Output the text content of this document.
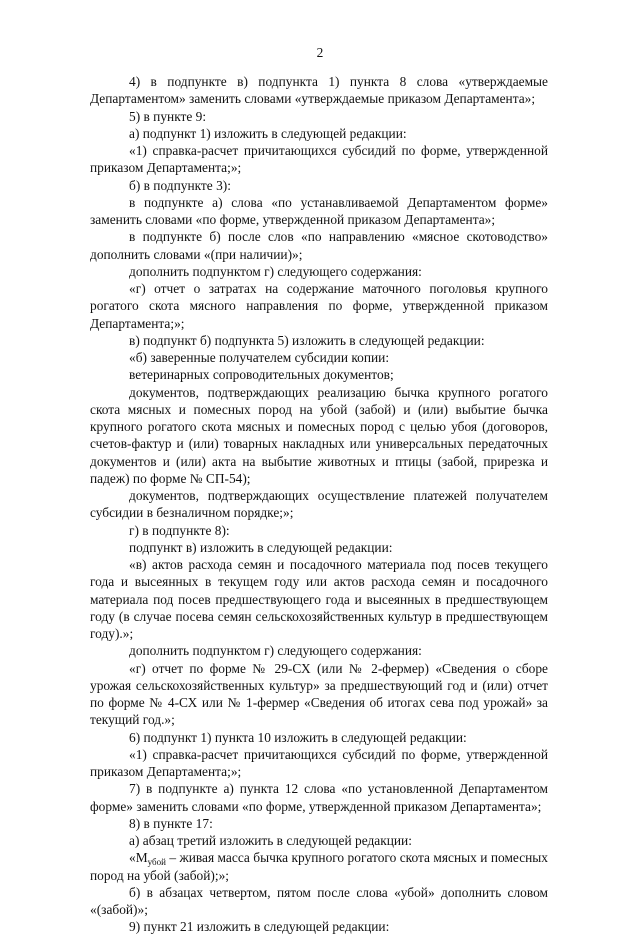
2

4) в подпункте в) подпункта 1) пункта 8 слова «утверждаемые Департаментом» заменить словами «утверждаемые приказом Департамента»;

5) в пункте 9:

а) подпункт 1) изложить в следующей редакции:

«1) справка-расчет причитающихся субсидий по форме, утвержденной приказом Департамента;»;

б) в подпункте 3):

в подпункте а) слова «по устанавливаемой Департаментом форме» заменить словами «по форме, утвержденной приказом Департамента»;

в подпункте б) после слов «по направлению «мясное скотоводство» дополнить словами «(при наличии)»;

дополнить подпунктом г) следующего содержания:

«г) отчет о затратах на содержание маточного поголовья крупного рогатого скота мясного направления по форме, утвержденной приказом Департамента;»;

в) подпункт б) подпункта 5) изложить в следующей редакции:

«б) заверенные получателем субсидии копии:

ветеринарных сопроводительных документов;

документов, подтверждающих реализацию бычка крупного рогатого скота мясных и помесных пород на убой (забой) и (или) выбытие бычка крупного рогатого скота мясных и помесных пород с целью убоя (договоров, счетов-фактур и (или) товарных накладных или универсальных передаточных документов и (или) акта на выбытие животных и птицы (забой, прирезка и падеж) по форме № СП-54);

документов, подтверждающих осуществление платежей получателем субсидии в безналичном порядке;»;

г) в подпункте 8):

подпункт в) изложить в следующей редакции:

«в) актов расхода семян и посадочного материала под посев текущего года и высеянных в текущем году или актов расхода семян и посадочного материала под посев предшествующего года и высеянных в предшествующем году (в случае посева семян сельскохозяйственных культур в предшествующем году).»;

дополнить подпунктом г) следующего содержания:

«г) отчет по форме № 29-СХ (или № 2-фермер) «Сведения о сборе урожая сельскохозяйственных культур» за предшествующий год и (или) отчет по форме № 4-СХ или № 1-фермер «Сведения об итогах сева под урожай» за текущий год.»;

6) подпункт 1) пункта 10 изложить в следующей редакции:

«1) справка-расчет причитающихся субсидий по форме, утвержденной приказом Департамента;»;

7) в подпункте а) пункта 12 слова «по установленной Департаментом форме» заменить словами «по форме, утвержденной приказом Департамента»;

8) в пункте 17:

а) абзац третий изложить в следующей редакции:

«$М_{убой}$ – живая масса бычка крупного рогатого скота мясных и помесных пород на убой (забой);»;

б) в абзацах четвертом, пятом после слова «убой» дополнить словом «(забой)»;

9) пункт 21 изложить в следующей редакции:
